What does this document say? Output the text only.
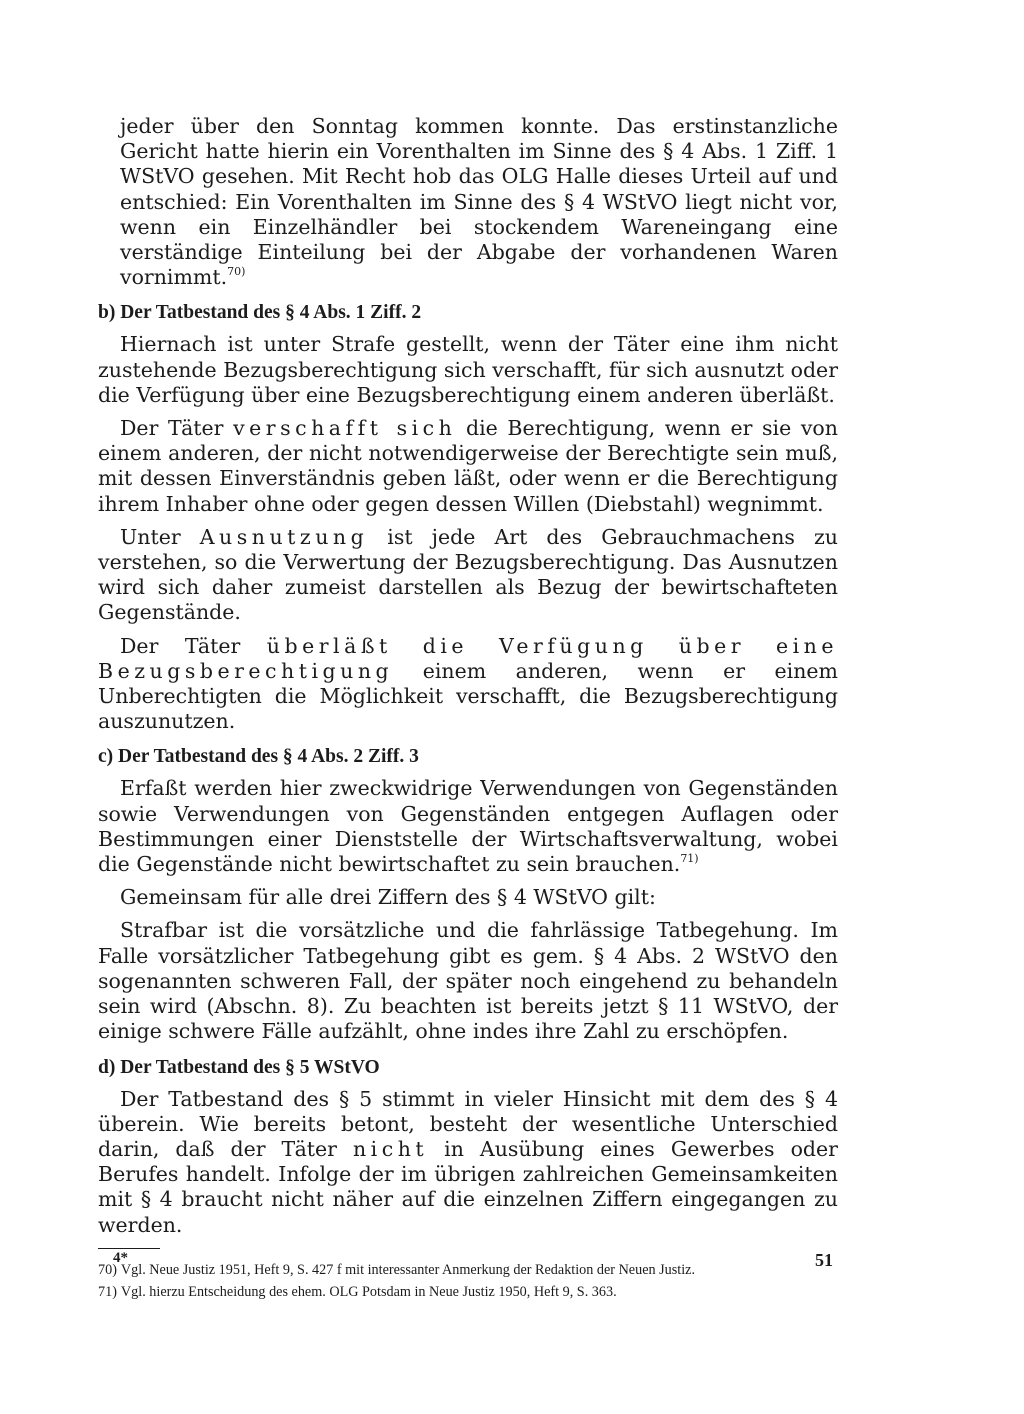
jeder über den Sonntag kommen konnte. Das erstinstanzliche Gericht hatte hierin ein Vorenthalten im Sinne des § 4 Abs. 1 Ziff. 1 WStVO gesehen. Mit Recht hob das OLG Halle dieses Urteil auf und entschied: Ein Vorenthalten im Sinne des § 4 WStVO liegt nicht vor, wenn ein Einzelhändler bei stockendem Wareneingang eine verständige Einteilung bei der Abgabe der vorhandenen Waren vornimmt.$^{70)}$

b) Der Tatbestand des § 4 Abs. 1 Ziff. 2

Hiernach ist unter Strafe gestellt, wenn der Täter eine ihm nicht zustehende Bezugsberechtigung sich verschafft, für sich ausnutzt oder die Verfügung über eine Bezugsberechtigung einem anderen überläßt.

Der Täter verschafft sich die Berechtigung, wenn er sie von einem anderen, der nicht notwendigerweise der Berechtigte sein muß, mit dessen Einverständnis geben läßt, oder wenn er die Berechtigung ihrem Inhaber ohne oder gegen dessen Willen (Diebstahl) wegnimmt.

Unter Ausnutzung ist jede Art des Gebrauchmachens zu verstehen, so die Verwertung der Bezugsberechtigung. Das Ausnutzen wird sich daher zumeist darstellen als Bezug der bewirtschafteten Gegenstände.

Der Täter überläßt die Verfügung über eine Bezugsberechtigung einem anderen, wenn er einem Unberechtigten die Möglichkeit verschafft, die Bezugsberechtigung auszunutzen.

c) Der Tatbestand des § 4 Abs. 2 Ziff. 3

Erfaßt werden hier zweckwidrige Verwendungen von Gegenständen sowie Verwendungen von Gegenständen entgegen Auflagen oder Bestimmungen einer Dienststelle der Wirtschaftsverwaltung, wobei die Gegenstände nicht bewirtschaftet zu sein brauchen.$^{71)}$

Gemeinsam für alle drei Ziffern des § 4 WStVO gilt:

Strafbar ist die vorsätzliche und die fahrlässige Tatbegehung. Im Falle vorsätzlicher Tatbegehung gibt es gem. § 4 Abs. 2 WStVO den sogenannten schweren Fall, der später noch eingehend zu behandeln sein wird (Abschn. 8). Zu beachten ist bereits jetzt § 11 WStVO, der einige schwere Fälle aufzählt, ohne indes ihre Zahl zu erschöpfen.

d) Der Tatbestand des § 5 WStVO

Der Tatbestand des § 5 stimmt in vieler Hinsicht mit dem des § 4 überein. Wie bereits betont, besteht der wesentliche Unterschied darin, daß der Täter nicht in Ausübung eines Gewerbes oder Berufes handelt. Infolge der im übrigen zahlreichen Gemeinsamkeiten mit § 4 braucht nicht näher auf die einzelnen Ziffern eingegangen zu werden.

70) Vgl. Neue Justiz 1951, Heft 9, S. 427 f mit interessanter Anmerkung der Redaktion der Neuen Justiz.

71) Vgl. hierzu Entscheidung des ehem. OLG Potsdam in Neue Justiz 1950, Heft 9, S. 363.

4*	51
